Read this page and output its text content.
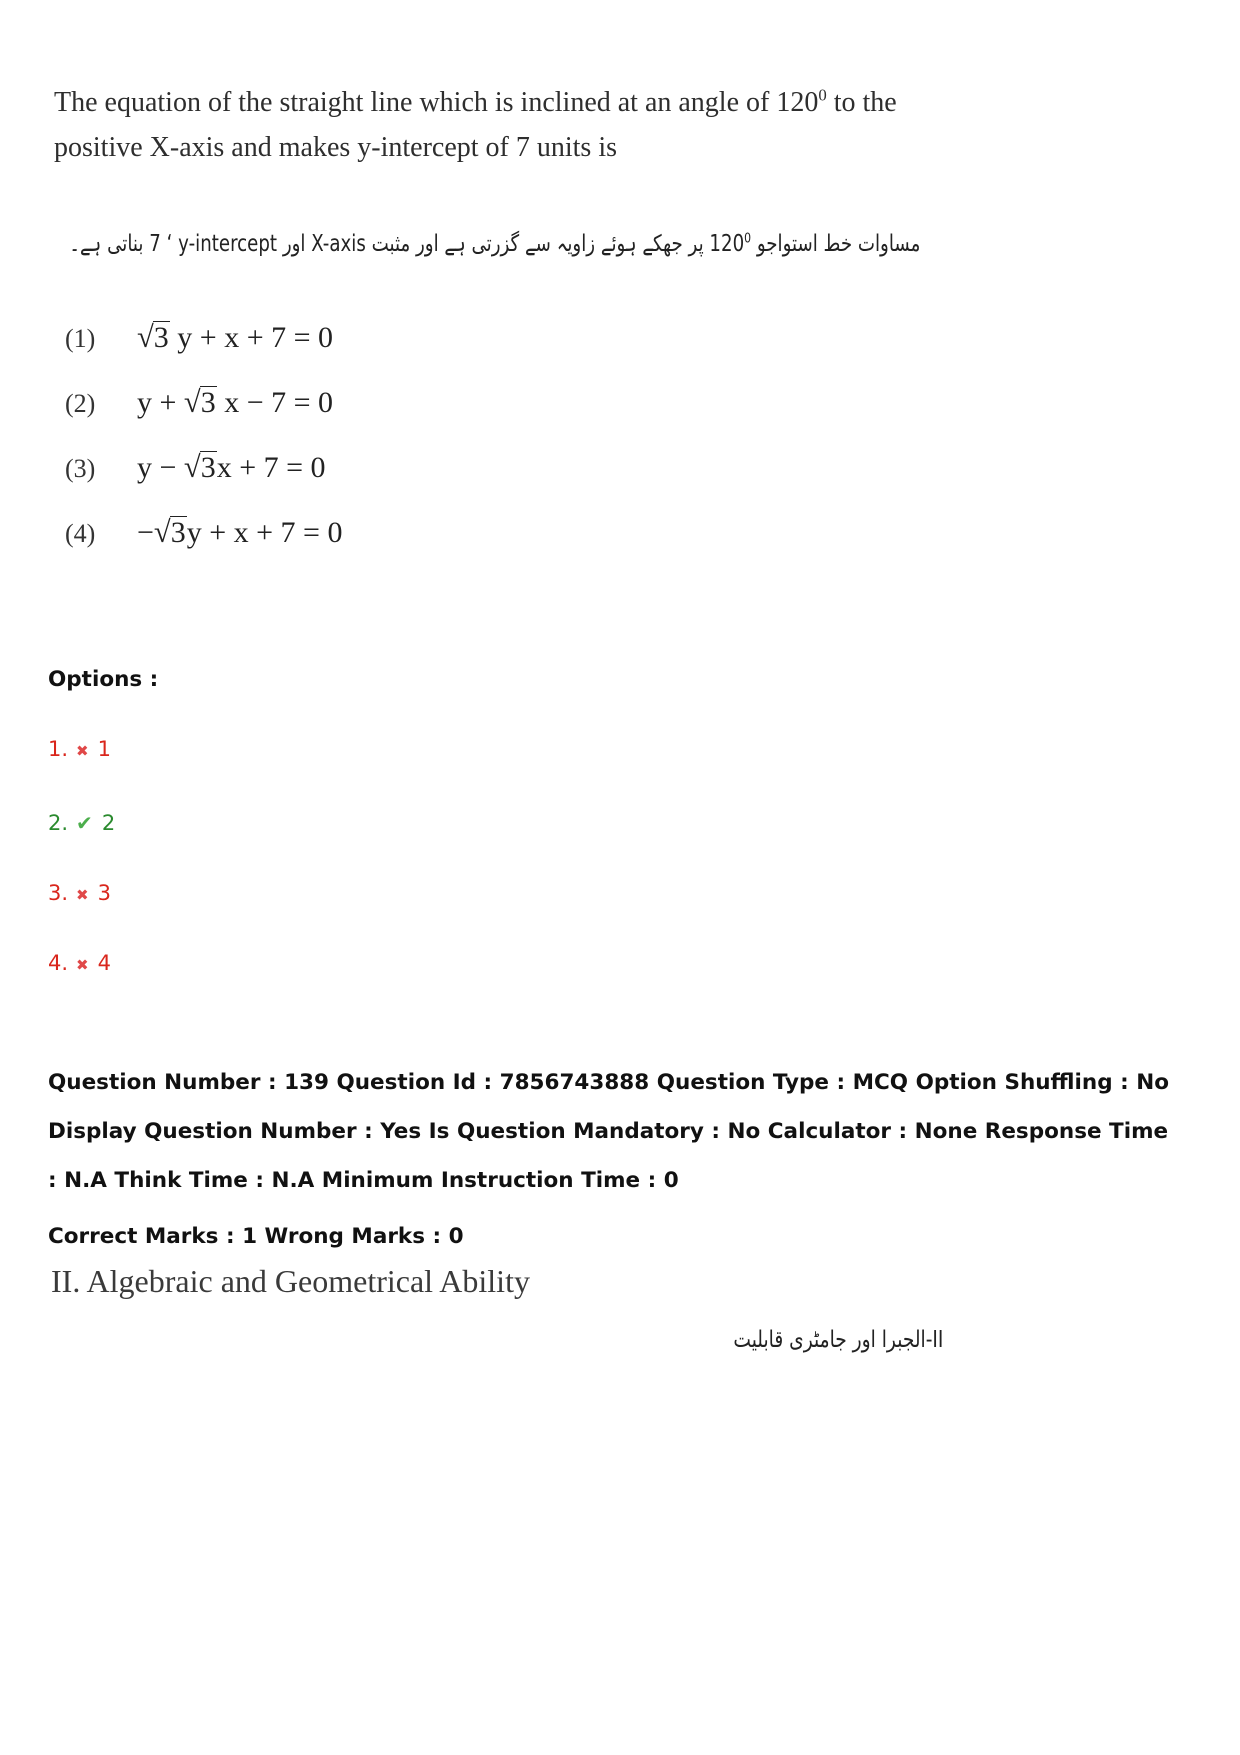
The equation of the straight line which is inclined at an angle of $120^0$ to the
positive X-axis and makes y-intercept of 7 units is
مساوات خط استواجو $120^0$ پر جھکے ہوئے زاویہ سے گزرتی ہے اور مثبت X-axis اور y-intercept‏ ‘ 7 بناتی ہے۔
(1) √3 y + x + 7 = 0
(2) y + √3 x − 7 = 0
(3) y − √3x + 7 = 0
(4) −√3y + x + 7 = 0
Options :
1. ✖ 1
2. ✔ 2
3. ✖ 3
4. ✖ 4
Question Number : 139 Question Id : 7856743888 Question Type : MCQ Option Shuffling : No Display Question Number : Yes Is Question Mandatory : No Calculator : None Response Time : N.A Think Time : N.A Minimum Instruction Time : 0
Correct Marks : 1 Wrong Marks : 0
II. Algebraic and Geometrical Ability
II-الجبرا اور جامٹری قابلیت
